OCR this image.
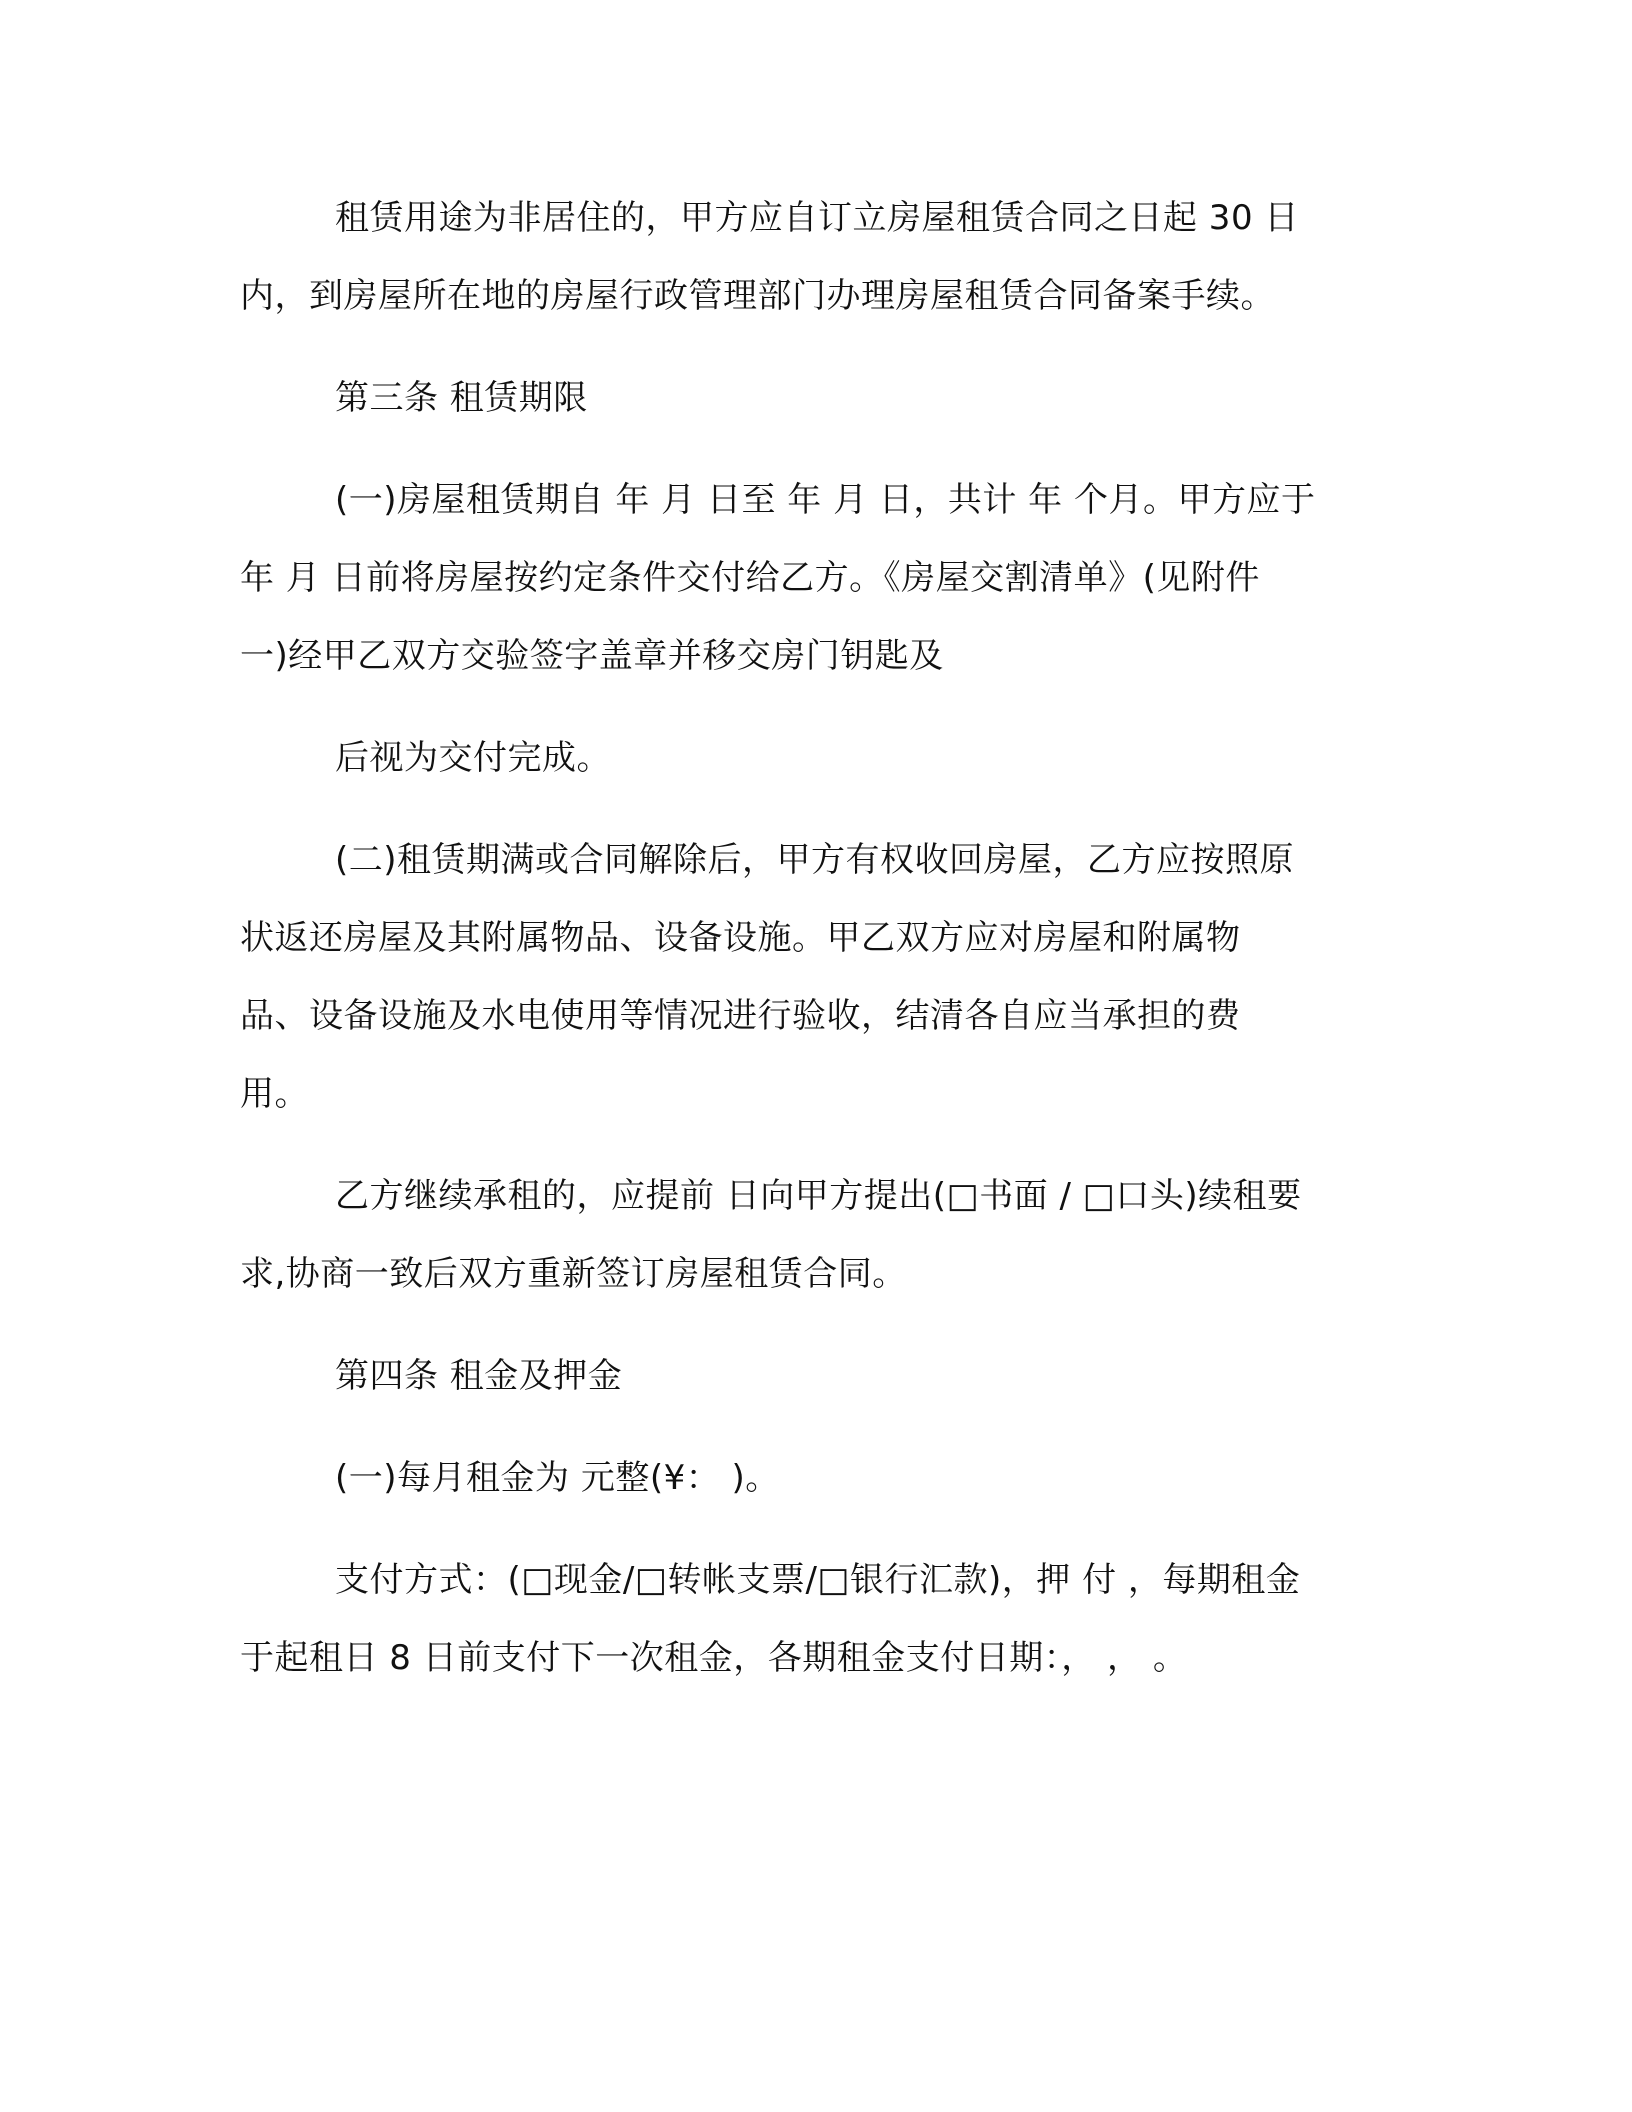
租赁用途为非居住的，甲方应自订立房屋租赁合同之日起 30 日

内，到房屋所在地的房屋行政管理部门办理房屋租赁合同备案手续。

第三条 租赁期限

(一)房屋租赁期自 年 月 日至 年 月 日，共计 年 个月。甲方应于

年 月 日前将房屋按约定条件交付给乙方。《房屋交割清单》(见附件

一)经甲乙双方交验签字盖章并移交房门钥匙及

后视为交付完成。

(二)租赁期满或合同解除后，甲方有权收回房屋，乙方应按照原

状返还房屋及其附属物品、设备设施。甲乙双方应对房屋和附属物

品、设备设施及水电使用等情况进行验收，结清各自应当承担的费

用。

乙方继续承租的，应提前 日向甲方提出(□书面 / □口头)续租要

求,协商一致后双方重新签订房屋租赁合同。

第四条 租金及押金

(一)每月租金为 元整(¥： )。

支付方式：(□现金/□转帐支票/□银行汇款)，押 付 ，每期租金

于起租日 8 日前支付下一次租金，各期租金支付日期：， ， 。
